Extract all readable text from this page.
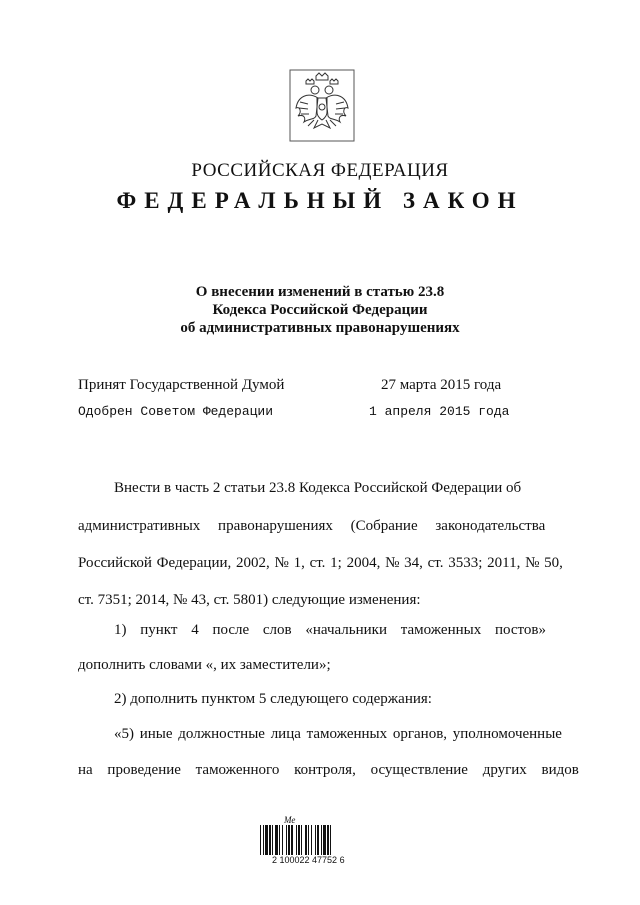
РОССИЙСКАЯ ФЕДЕРАЦИЯ
ФЕДЕРАЛЬНЫЙ ЗАКОН
О внесении изменений в статью 23.8
Кодекса Российской Федерации
об административных правонарушениях
Принят Государственной Думой	27 марта 2015 года
Одобрен Советом Федерации	1 апреля 2015 года
Внести в часть 2 статьи 23.8 Кодекса Российской Федерации об
административных правонарушениях (Собрание законодательства
Российской Федерации, 2002, № 1, ст. 1; 2004, № 34, ст. 3533; 2011, № 50,
ст. 7351; 2014, № 43, ст. 5801) следующие изменения:
1) пункт 4 после слов «начальники таможенных постов»
дополнить словами «, их заместители»;
2) дополнить пунктом 5 следующего содержания:
«5) иные должностные лица таможенных органов, уполномоченные
на проведение таможенного контроля, осуществление других видов
Ме
2 100022 47752 6
